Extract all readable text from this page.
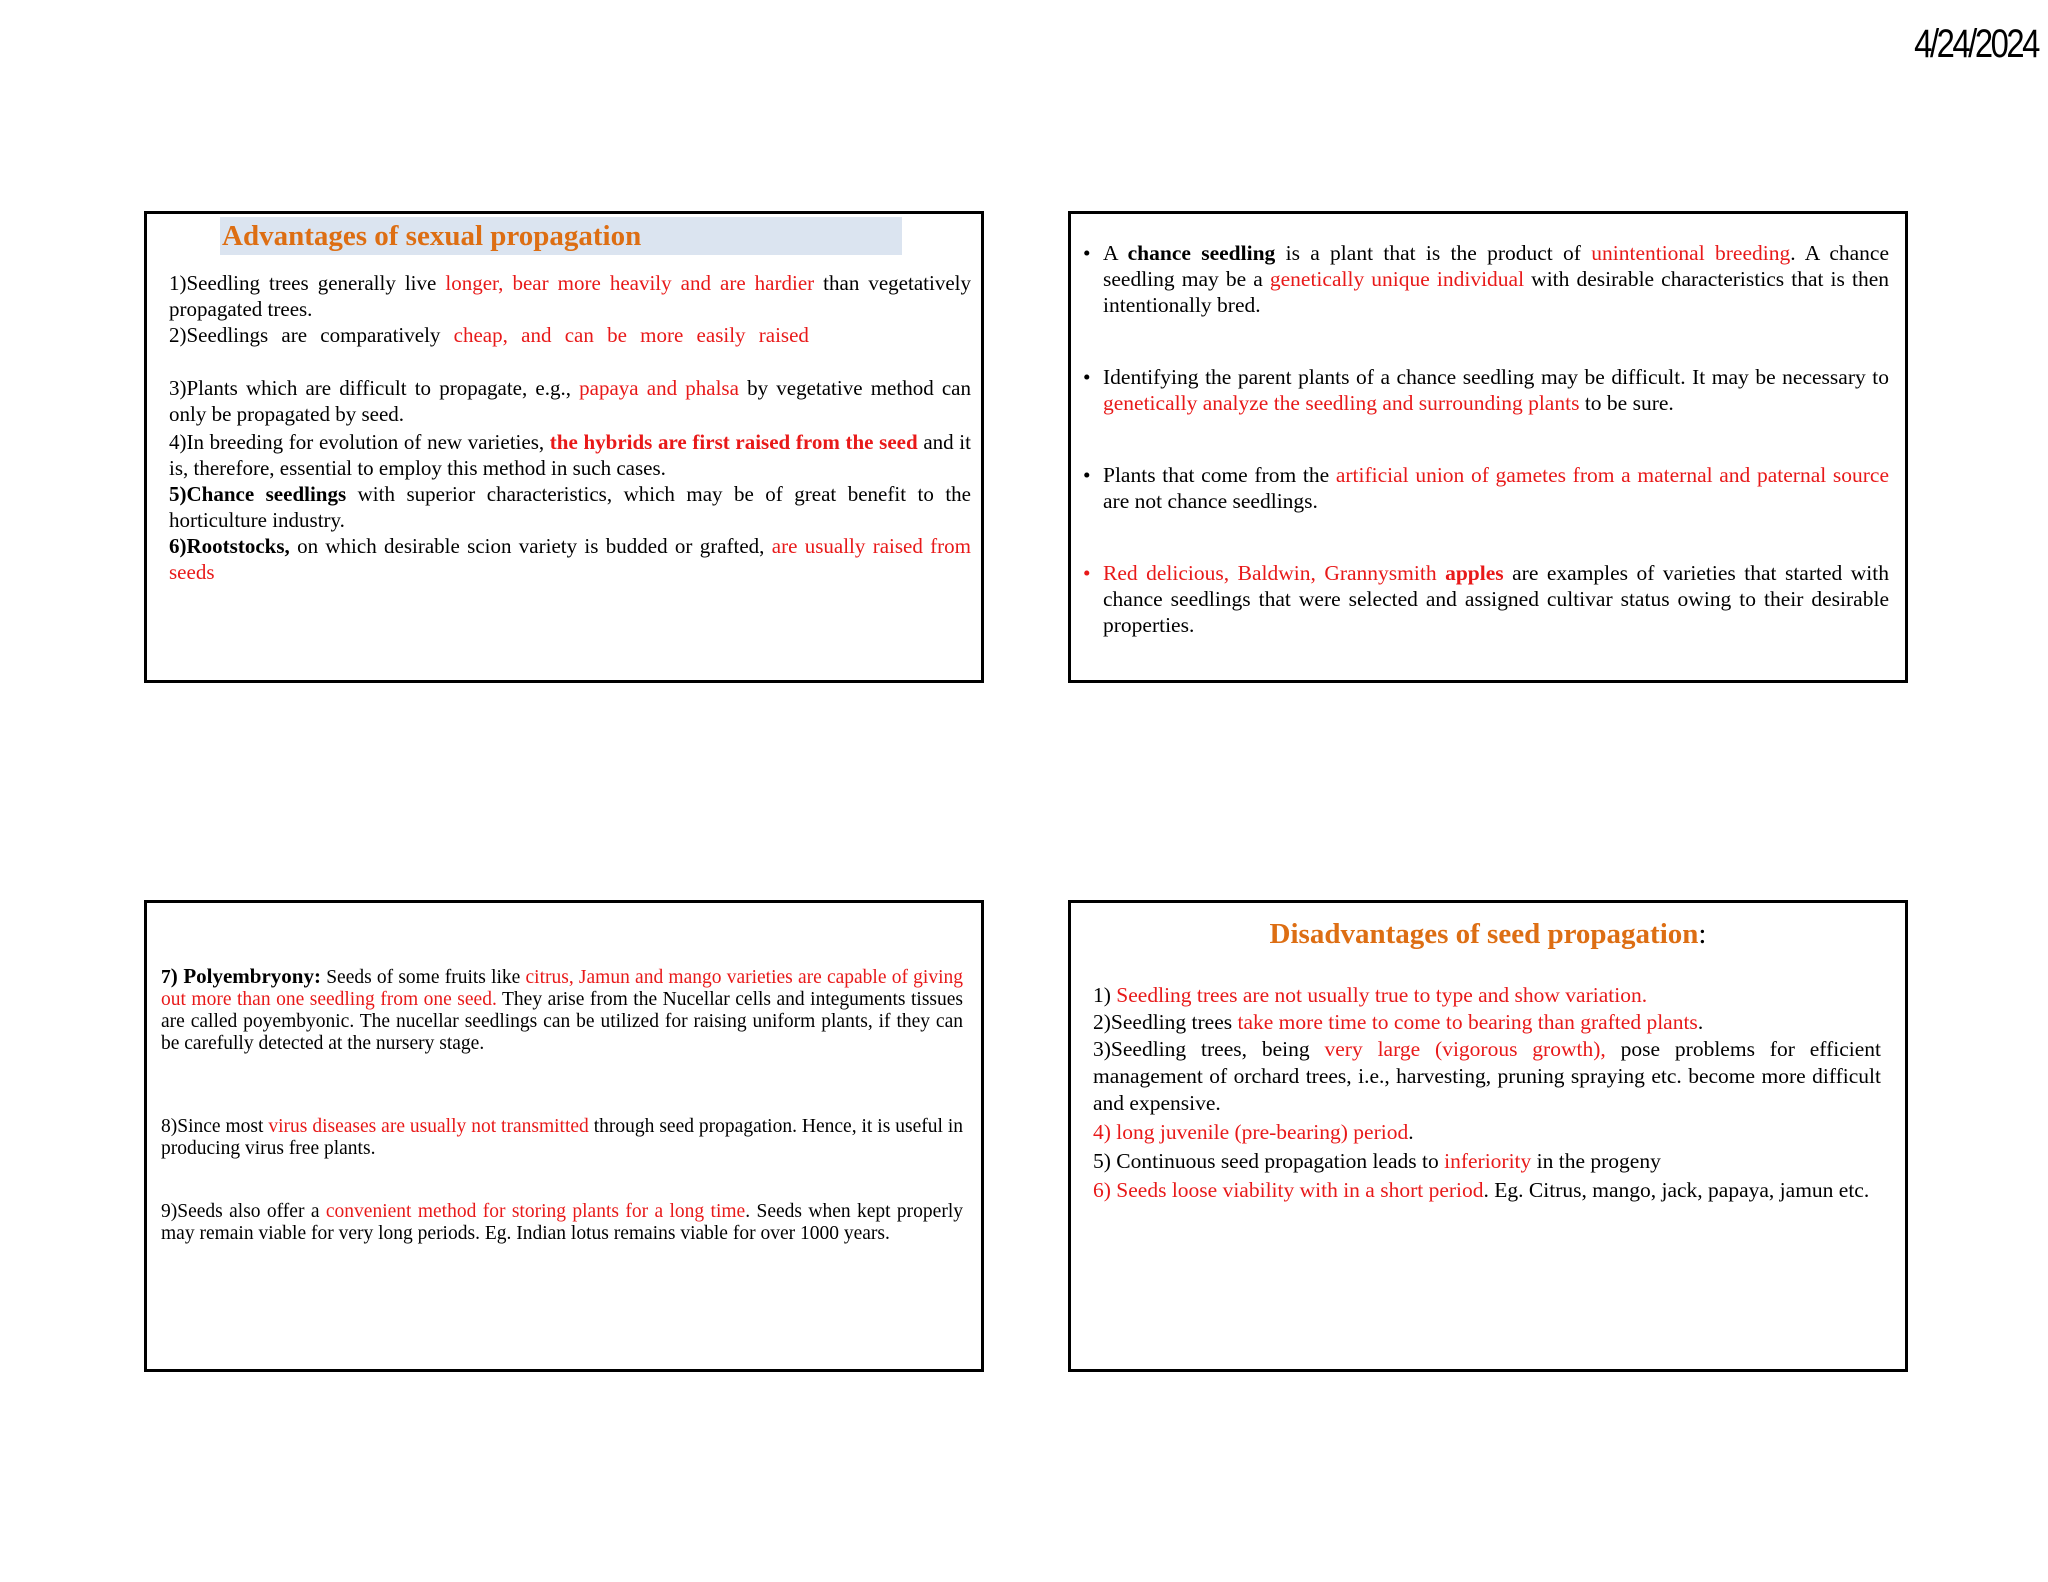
4/24/2024
Advantages of sexual propagation

1)Seedling trees generally live longer, bear more heavily and are hardier than vegetatively propagated trees.

2)Seedlings are comparatively cheap, and can be more easily raised

3)Plants which are difficult to propagate, e.g., papaya and phalsa by vegetative method can only be propagated by seed.

4)In breeding for evolution of new varieties, the hybrids are first raised from the seed and it is, therefore, essential to employ this method in such cases.

5)Chance seedlings with superior characteristics, which may be of great benefit to the horticulture industry.

6)Rootstocks, on which desirable scion variety is budded or grafted, are usually raised from seeds

• A chance seedling is a plant that is the product of unintentional breeding. A chance seedling may be a genetically unique individual with desirable characteristics that is then intentionally bred.
• Identifying the parent plants of a chance seedling may be difficult. It may be necessary to genetically analyze the seedling and surrounding plants to be sure.
• Plants that come from the artificial union of gametes from a maternal and paternal source are not chance seedlings.
• Red delicious, Baldwin, Grannysmith apples are examples of varieties that started with chance seedlings that were selected and assigned cultivar status owing to their desirable properties.
7) Polyembryony: Seeds of some fruits like citrus, Jamun and mango varieties are capable of giving out more than one seedling from one seed. They arise from the Nucellar cells and integuments tissues are called poyembyonic. The nucellar seedlings can be utilized for raising uniform plants, if they can be carefully detected at the nursery stage.
8)Since most virus diseases are usually not transmitted through seed propagation. Hence, it is useful in producing virus free plants.
9)Seeds also offer a convenient method for storing plants for a long time. Seeds when kept properly may remain viable for very long periods. Eg. Indian lotus remains viable for over 1000 years.
Disadvantages of seed propagation:

1) Seedling trees are not usually true to type and show variation.

2)Seedling trees take more time to come to bearing than grafted plants.

3)Seedling trees, being very large (vigorous growth), pose problems for efficient management of orchard trees, i.e., harvesting, pruning spraying etc. become more difficult and expensive.

4) long juvenile (pre-bearing) period.

5) Continuous seed propagation leads to inferiority in the progeny

6) Seeds loose viability with in a short period. Eg. Citrus, mango, jack, papaya, jamun etc.
